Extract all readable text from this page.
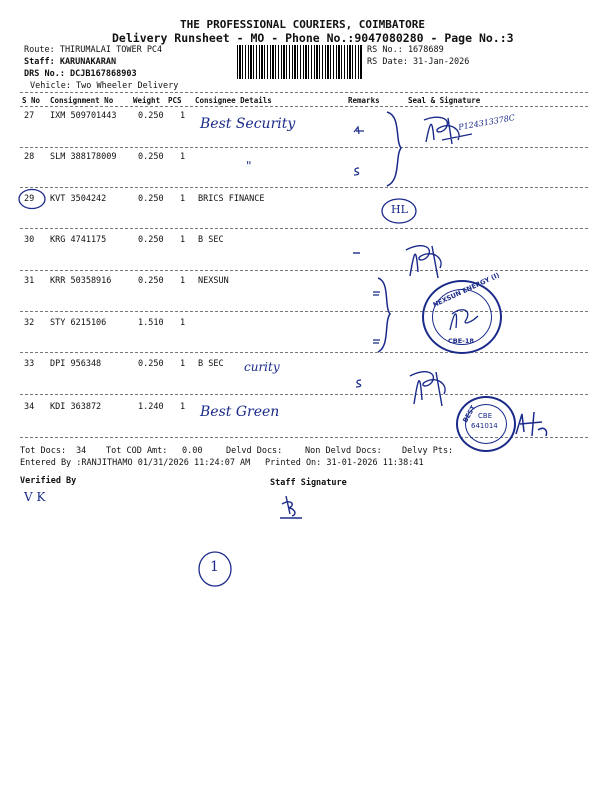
THE PROFESSIONAL COURIERS, COIMBATORE
Delivery Runsheet - MO - Phone No.:9047080280 - Page No.:3
Route: THIRUMALAI TOWER PC4
Staff: KARUNAKARAN
DRS No.: DCJB167868903
Vehicle: Two Wheeler Delivery
RS No.: 1678689
RS Date: 31-Jan-2026
S No Consignment No	Weight PCS Consignee Details	Remarks	Seal & Signature
27 IXM 509701443	0.250 1
28 SLM 388178009	0.250 1
29 KVT 3504242	0.250 1 BRICS FINANCE
30 KRG 4741175	0.250 1 B SEC
31 KRR 50358916	0.250 1 NEXSUN
32 STY 6215106	1.510 1
33 DPI 956348	0.250 1 B SEC
34 KDI 363872	1.240 1
Best Security
"
curity
Best Green
P124313378C
HL
NEXSUN ENERGY (I)
CBE-18
BEST CBE
641014
Tot Docs: 34 Tot COD Amt: 0.00	Delvd Docs:	Non Delvd Docs: Delvy Pts:
Entered By :RANJITHAMO 01/31/2026 11:24:07 AM Printed On: 31-01-2026 11:38:41
Verified By	Staff Signature
V K
1
